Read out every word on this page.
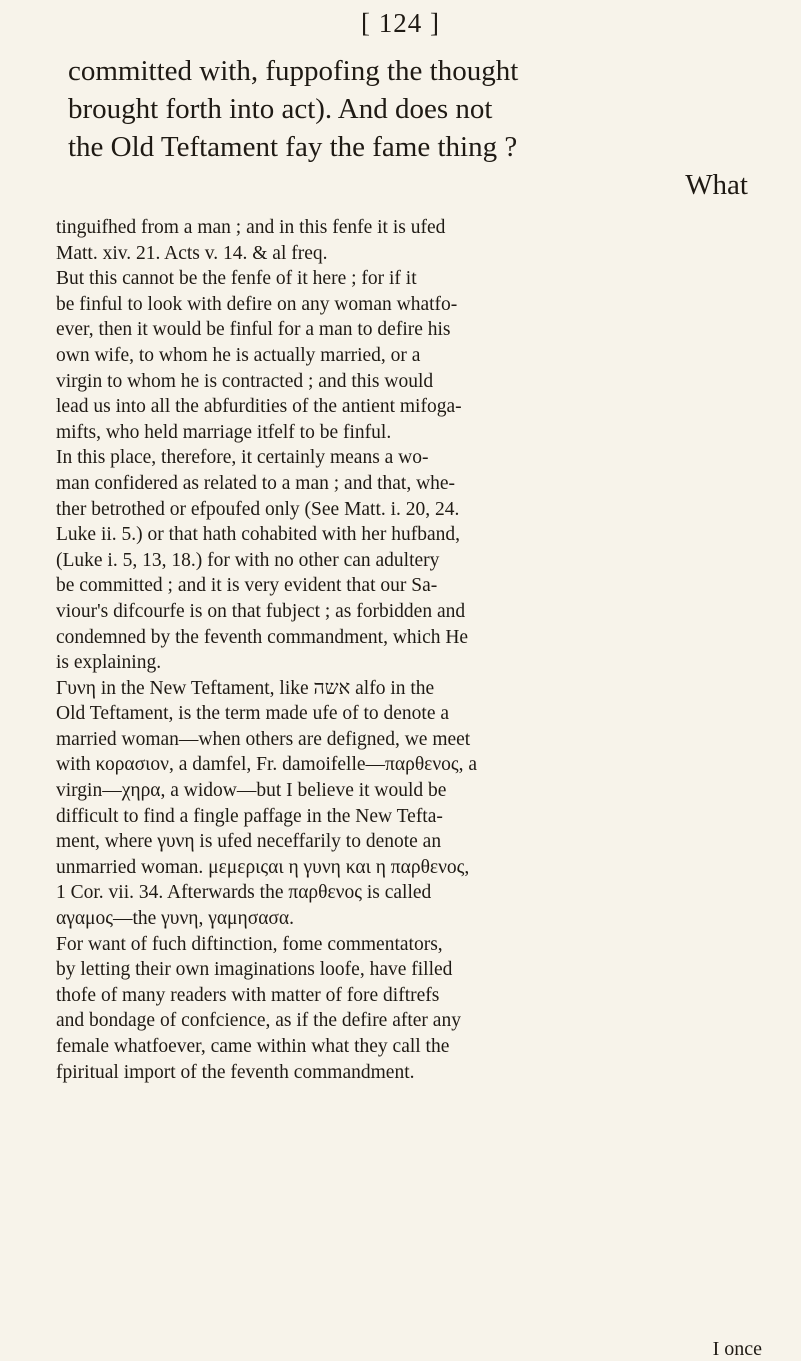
[ 124 ]
committed with, fuppofing the thought
brought forth into act). And does not
the Old Teftament fay the fame thing ?
What
tinguifhed from a man ; and in this fenfe it is ufed
Matt. xiv. 21. Acts v. 14. & al freq.
But this cannot be the fenfe of it here ; for if it
be finful to look with defire on any woman whatfo-
ever, then it would be finful for a man to defire his
own wife, to whom he is actually married, or a
virgin to whom he is contracted ; and this would
lead us into all the abfurdities of the antient mifoga-
mifts, who held marriage itfelf to be finful.
In this place, therefore, it certainly means a wo-
man confidered as related to a man ; and that, whe-
ther betrothed or efpoufed only (See Matt. i. 20, 24.
Luke ii. 5.) or that hath cohabited with her hufband,
(Luke i. 5, 13, 18.) for with no other can adultery
be committed ; and it is very evident that our Sa-
viour's difcourfe is on that fubject ; as forbidden and
condemned by the feventh commandment, which He
is explaining.
Γυνη in the New Teftament, like אשה alfo in the
Old Teftament, is the term made ufe of to denote a
married woman—when others are defigned, we meet
with κορασιον, a damfel, Fr. damoifelle—παρθενος, a
virgin—χηρα, a widow—but I believe it would be
difficult to find a fingle paffage in the New Tefta-
ment, where γυνη is ufed neceffarily to denote an
unmarried woman. μεμεριςαι η γυνη και η παρθενος,
1 Cor. vii. 34. Afterwards the παρθενος is called
αγαμος—the γυνη, γαμησασα.
For want of fuch diftinction, fome commentators,
by letting their own imaginations loofe, have filled
thofe of many readers with matter of fore diftrefs
and bondage of confcience, as if the defire after any
female whatfoever, came within what they call the
fpiritual import of the feventh commandment.
I once
